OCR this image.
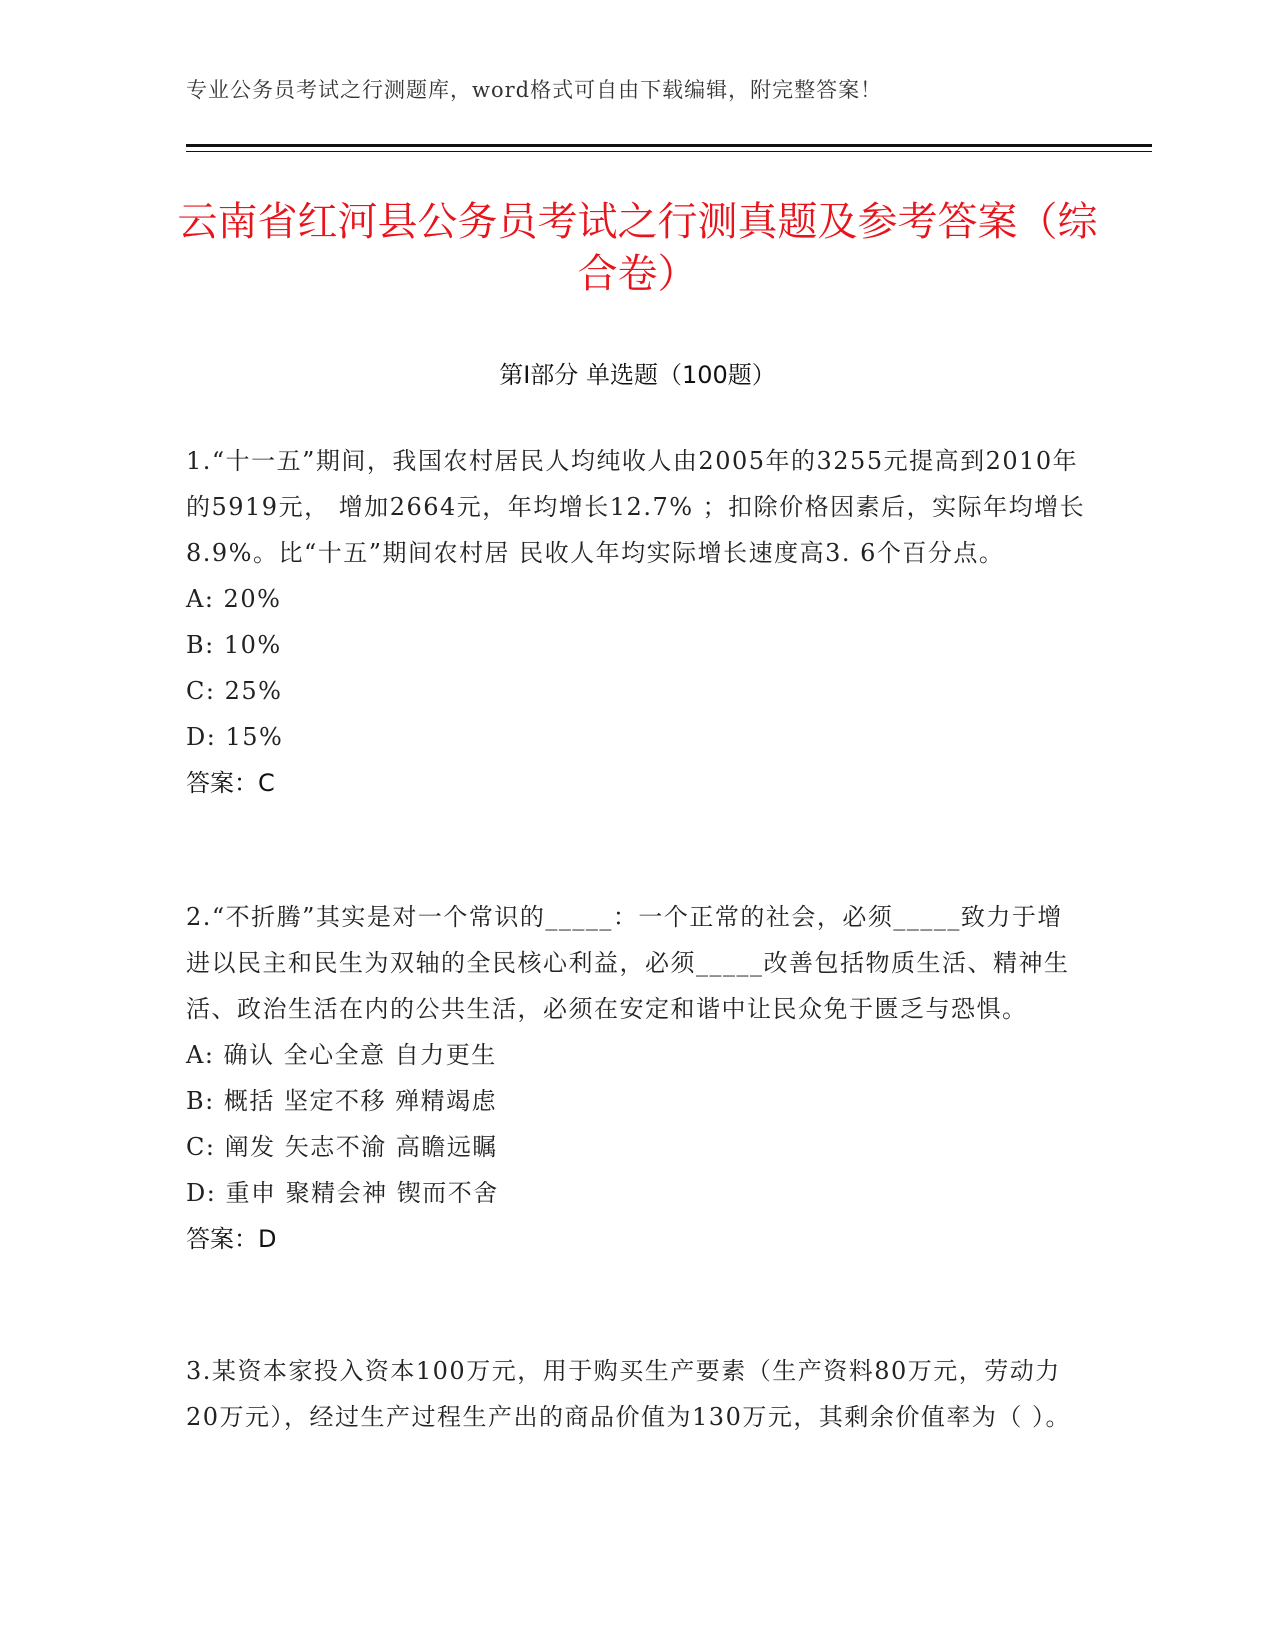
专业公务员考试之行测题库，word格式可自由下载编辑，附完整答案！
云南省红河县公务员考试之行测真题及参考答案（综合卷）
第Ⅰ部分 单选题（100题）

1.“十一五”期间，我国农村居民人均纯收人由2005年的3255元提高到2010年的5919元， 增加2664元，年均增长12.7% ；扣除价格因素后，实际年均增长8.9%。比“十五”期间农村居 民收人年均实际增长速度高3. 6个百分点。

A: 20%

B: 10%

C: 25%

D: 15%

答案：C

2.“不折腾”其实是对一个常识的_____：一个正常的社会，必须_____致力于增进以民主和民生为双轴的全民核心利益，必须_____改善包括物质生活、精神生活、政治生活在内的公共生活，必须在安定和谐中让民众免于匮乏与恐惧。

A: 确认 全心全意 自力更生

B: 概括 坚定不移 殚精竭虑

C: 阐发 矢志不渝 高瞻远瞩

D: 重申 聚精会神 锲而不舍

答案：D

3.某资本家投入资本100万元，用于购买生产要素（生产资料80万元，劳动力20万元），经过生产过程生产出的商品价值为130万元，其剩余价值率为（ ）。
